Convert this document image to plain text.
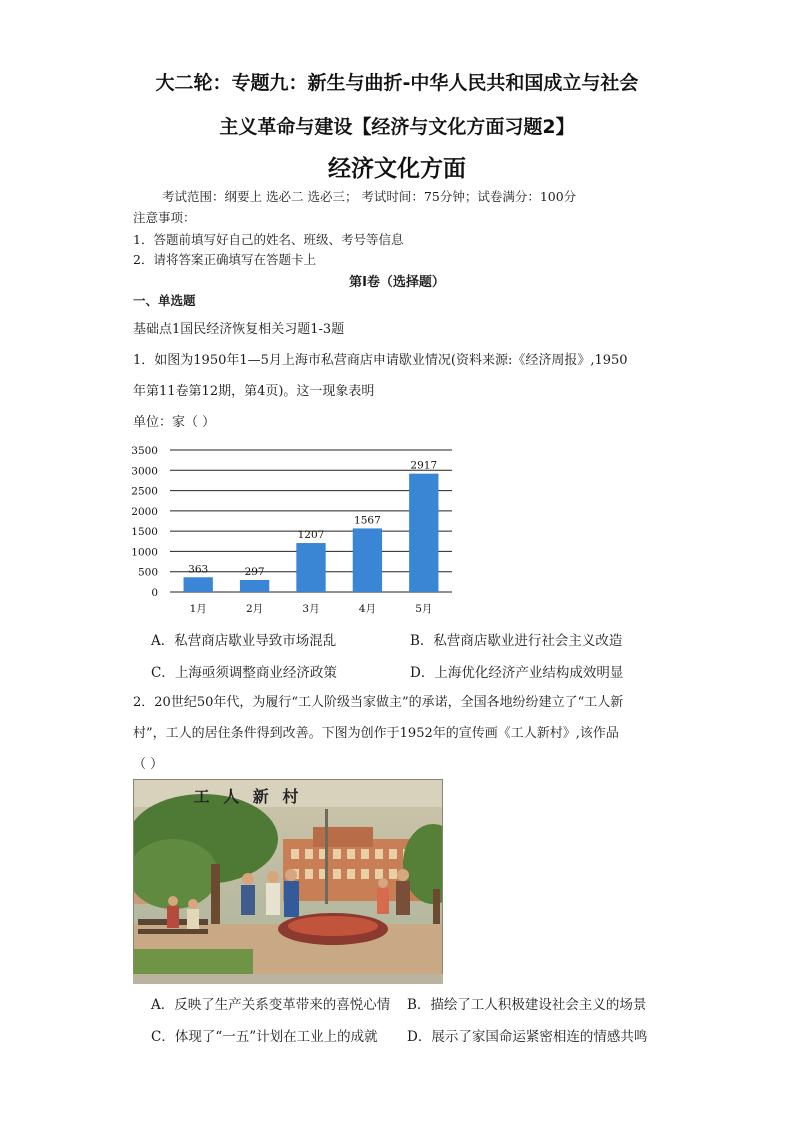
大二轮：专题九：新生与曲折-中华人民共和国成立与社会
主义革命与建设【经济与文化方面习题2】
经济文化方面
考试范围：纲要上 选必二 选必三； 考试时间：75分钟；试卷满分：100分
注意事项：
1．答题前填写好自己的姓名、班级、考号等信息
2．请将答案正确填写在答题卡上
第I卷（选择题）
一、单选题
基础点1国民经济恢复相关习题1-3题
1．如图为1950年1—5月上海市私营商店申请歇业情况(资料来源:《经济周报》,1950
年第11卷第12期，第4页)。这一现象表明
单位：家（ ）
0
500
1000
1500
2000
2500
3000
3500
363
1月
297
2月
1207
3月
1567
4月
2917
5月
A．私营商店歇业导致市场混乱	B．私营商店歇业进行社会主义改造
C．上海亟须调整商业经济政策	D．上海优化经济产业结构成效明显
2．20世纪50年代，为履行“工人阶级当家做主”的承诺，全国各地纷纷建立了“工人新
村”，工人的居住条件得到改善。下图为创作于1952年的宣传画《工人新村》,该作品
（ ）
工 人 新 村
A．反映了生产关系变革带来的喜悦心情 B．描绘了工人积极建设社会主义的场景
C．体现了“一五”计划在工业上的成就 D．展示了家国命运紧密相连的情感共鸣
